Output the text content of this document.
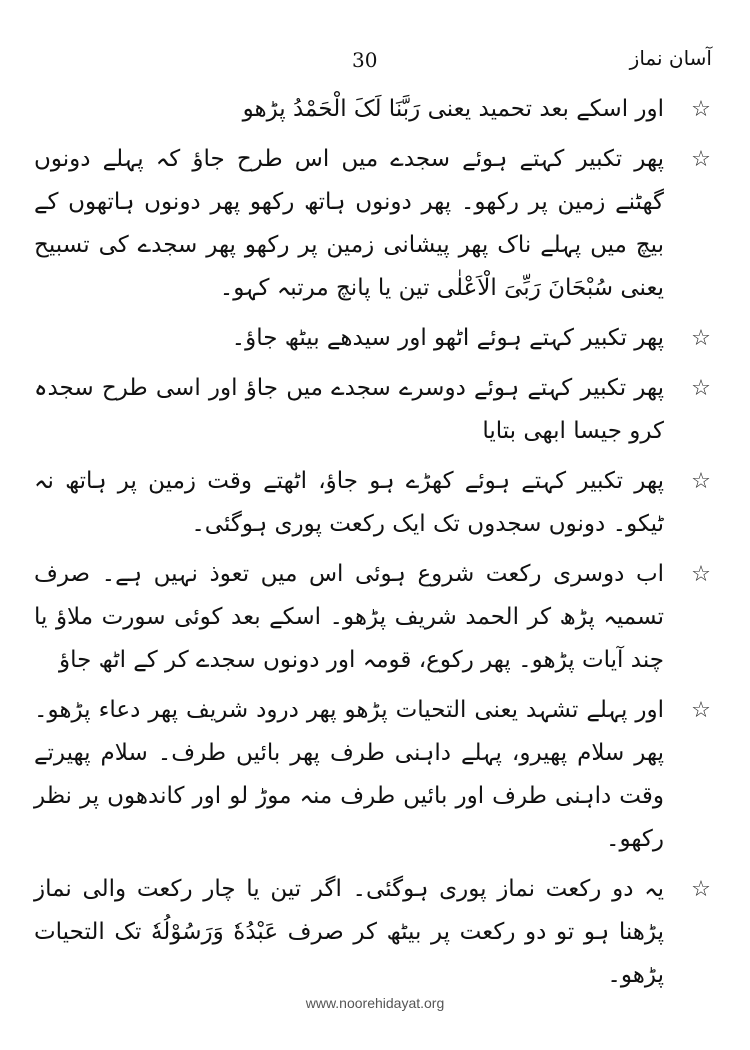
آسان نماز
30
☆
اور اسکے بعد تحمید یعنی رَبَّنَا لَکَ الْحَمْدُ پڑھو
☆
پھر تکبیر کہتے ہوئے سجدے میں اس طرح جاؤ کہ پہلے دونوں گھٹنے زمین پر رکھو۔ پھر دونوں ہاتھ رکھو پھر دونوں ہاتھوں کے بیچ میں پہلے ناک پھر پیشانی زمین پر رکھو پھر سجدے کی تسبیح یعنی سُبْحَانَ رَبِّیَ الْاَعْلٰی تین یا پانچ مرتبہ کہو۔
☆
پھر تکبیر کہتے ہوئے اٹھو اور سیدھے بیٹھ جاؤ۔
☆
پھر تکبیر کہتے ہوئے دوسرے سجدے میں جاؤ اور اسی طرح سجدہ کرو جیسا ابھی بتایا
☆
پھر تکبیر کہتے ہوئے کھڑے ہو جاؤ، اٹھتے وقت زمین پر ہاتھ نہ ٹیکو۔ دونوں سجدوں تک ایک رکعت پوری ہوگئی۔
☆
اب دوسری رکعت شروع ہوئی اس میں تعوذ نہیں ہے۔ صرف تسمیہ پڑھ کر الحمد شریف پڑھو۔ اسکے بعد کوئی سورت ملاؤ یا چند آیات پڑھو۔ پھر رکوع، قومہ اور دونوں سجدے کر کے اٹھ جاؤ
☆
اور پہلے تشہد یعنی التحیات پڑھو پھر درود شریف پھر دعاء پڑھو۔ پھر سلام پھیرو، پہلے داہنی طرف پھر بائیں طرف۔ سلام پھیرتے وقت داہنی طرف اور بائیں طرف منہ موڑ لو اور کاندھوں پر نظر رکھو۔
☆
یہ دو رکعت نماز پوری ہوگئی۔ اگر تین یا چار رکعت والی نماز پڑھنا ہو تو دو رکعت پر بیٹھ کر صرف عَبْدُهٗ وَرَسُوْلُهٗ تک التحیات پڑھو۔
www.noorehidayat.org
